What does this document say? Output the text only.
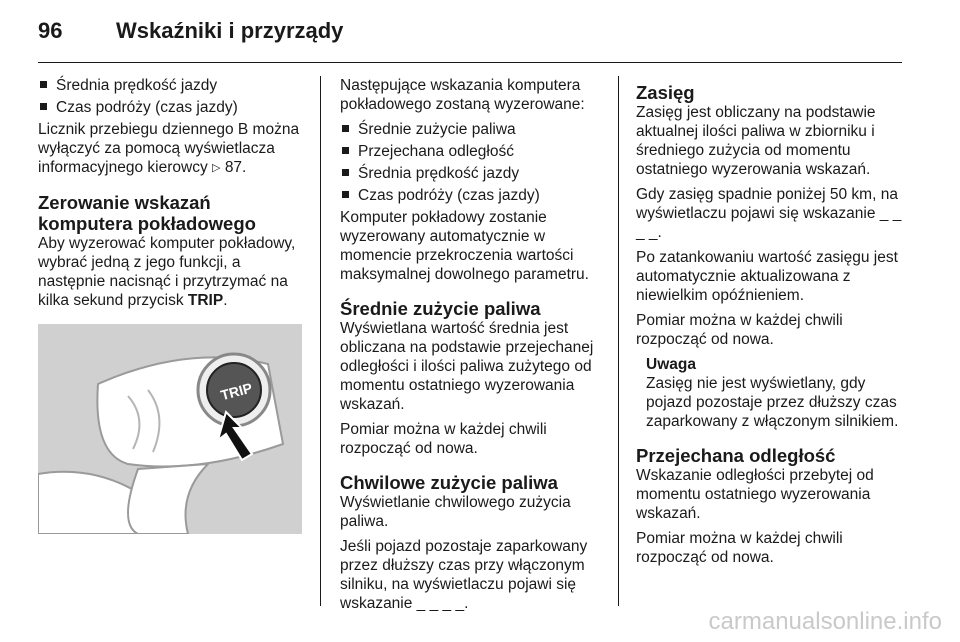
96	Wskaźniki i przyrządy
Średnia prędkość jazdy
Czas podróży (czas jazdy)

Licznik przebiegu dziennego B można wyłączyć za pomocą wyświetlacza informacyjnego kierowcy ▷ 87.

Zerowanie wskazań komputera pokładowego

Aby wyzerować komputer pokładowy, wybrać jedną z jego funkcji, a następnie nacisnąć i przytrzymać na kilka sekund przycisk TRIP.

TRIP

Następujące wskazania komputera pokładowego zostaną wyzerowane:

Średnie zużycie paliwa
Przejechana odległość
Średnia prędkość jazdy
Czas podróży (czas jazdy)

Komputer pokładowy zostanie wyzerowany automatycznie w momencie przekroczenia wartości maksymalnej dowolnego parametru.

Średnie zużycie paliwa

Wyświetlana wartość średnia jest obliczana na podstawie przejechanej odległości i ilości paliwa zużytego od momentu ostatniego wyzerowania wskazań.

Pomiar można w każdej chwili rozpocząć od nowa.

Chwilowe zużycie paliwa

Wyświetlanie chwilowego zużycia paliwa.

Jeśli pojazd pozostaje zaparkowany przez dłuższy czas przy włączonym silniku, na wyświetlaczu pojawi się wskazanie _ _ _ _.

Zasięg

Zasięg jest obliczany na podstawie aktualnej ilości paliwa w zbiorniku i średniego zużycia od momentu ostatniego wyzerowania wskazań.

Gdy zasięg spadnie poniżej 50 km, na wyświetlaczu pojawi się wskazanie _ _ _ _.

Po zatankowaniu wartość zasięgu jest automatycznie aktualizowana z niewielkim opóźnieniem.

Pomiar można w każdej chwili rozpocząć od nowa.

Uwaga
Zasięg nie jest wyświetlany, gdy pojazd pozostaje przez dłuższy czas zaparkowany z włączonym silnikiem.
Przejechana odległość

Wskazanie odległości przebytej od momentu ostatniego wyzerowania wskazań.

Pomiar można w każdej chwili rozpocząć od nowa.

carmanualsonline.info
